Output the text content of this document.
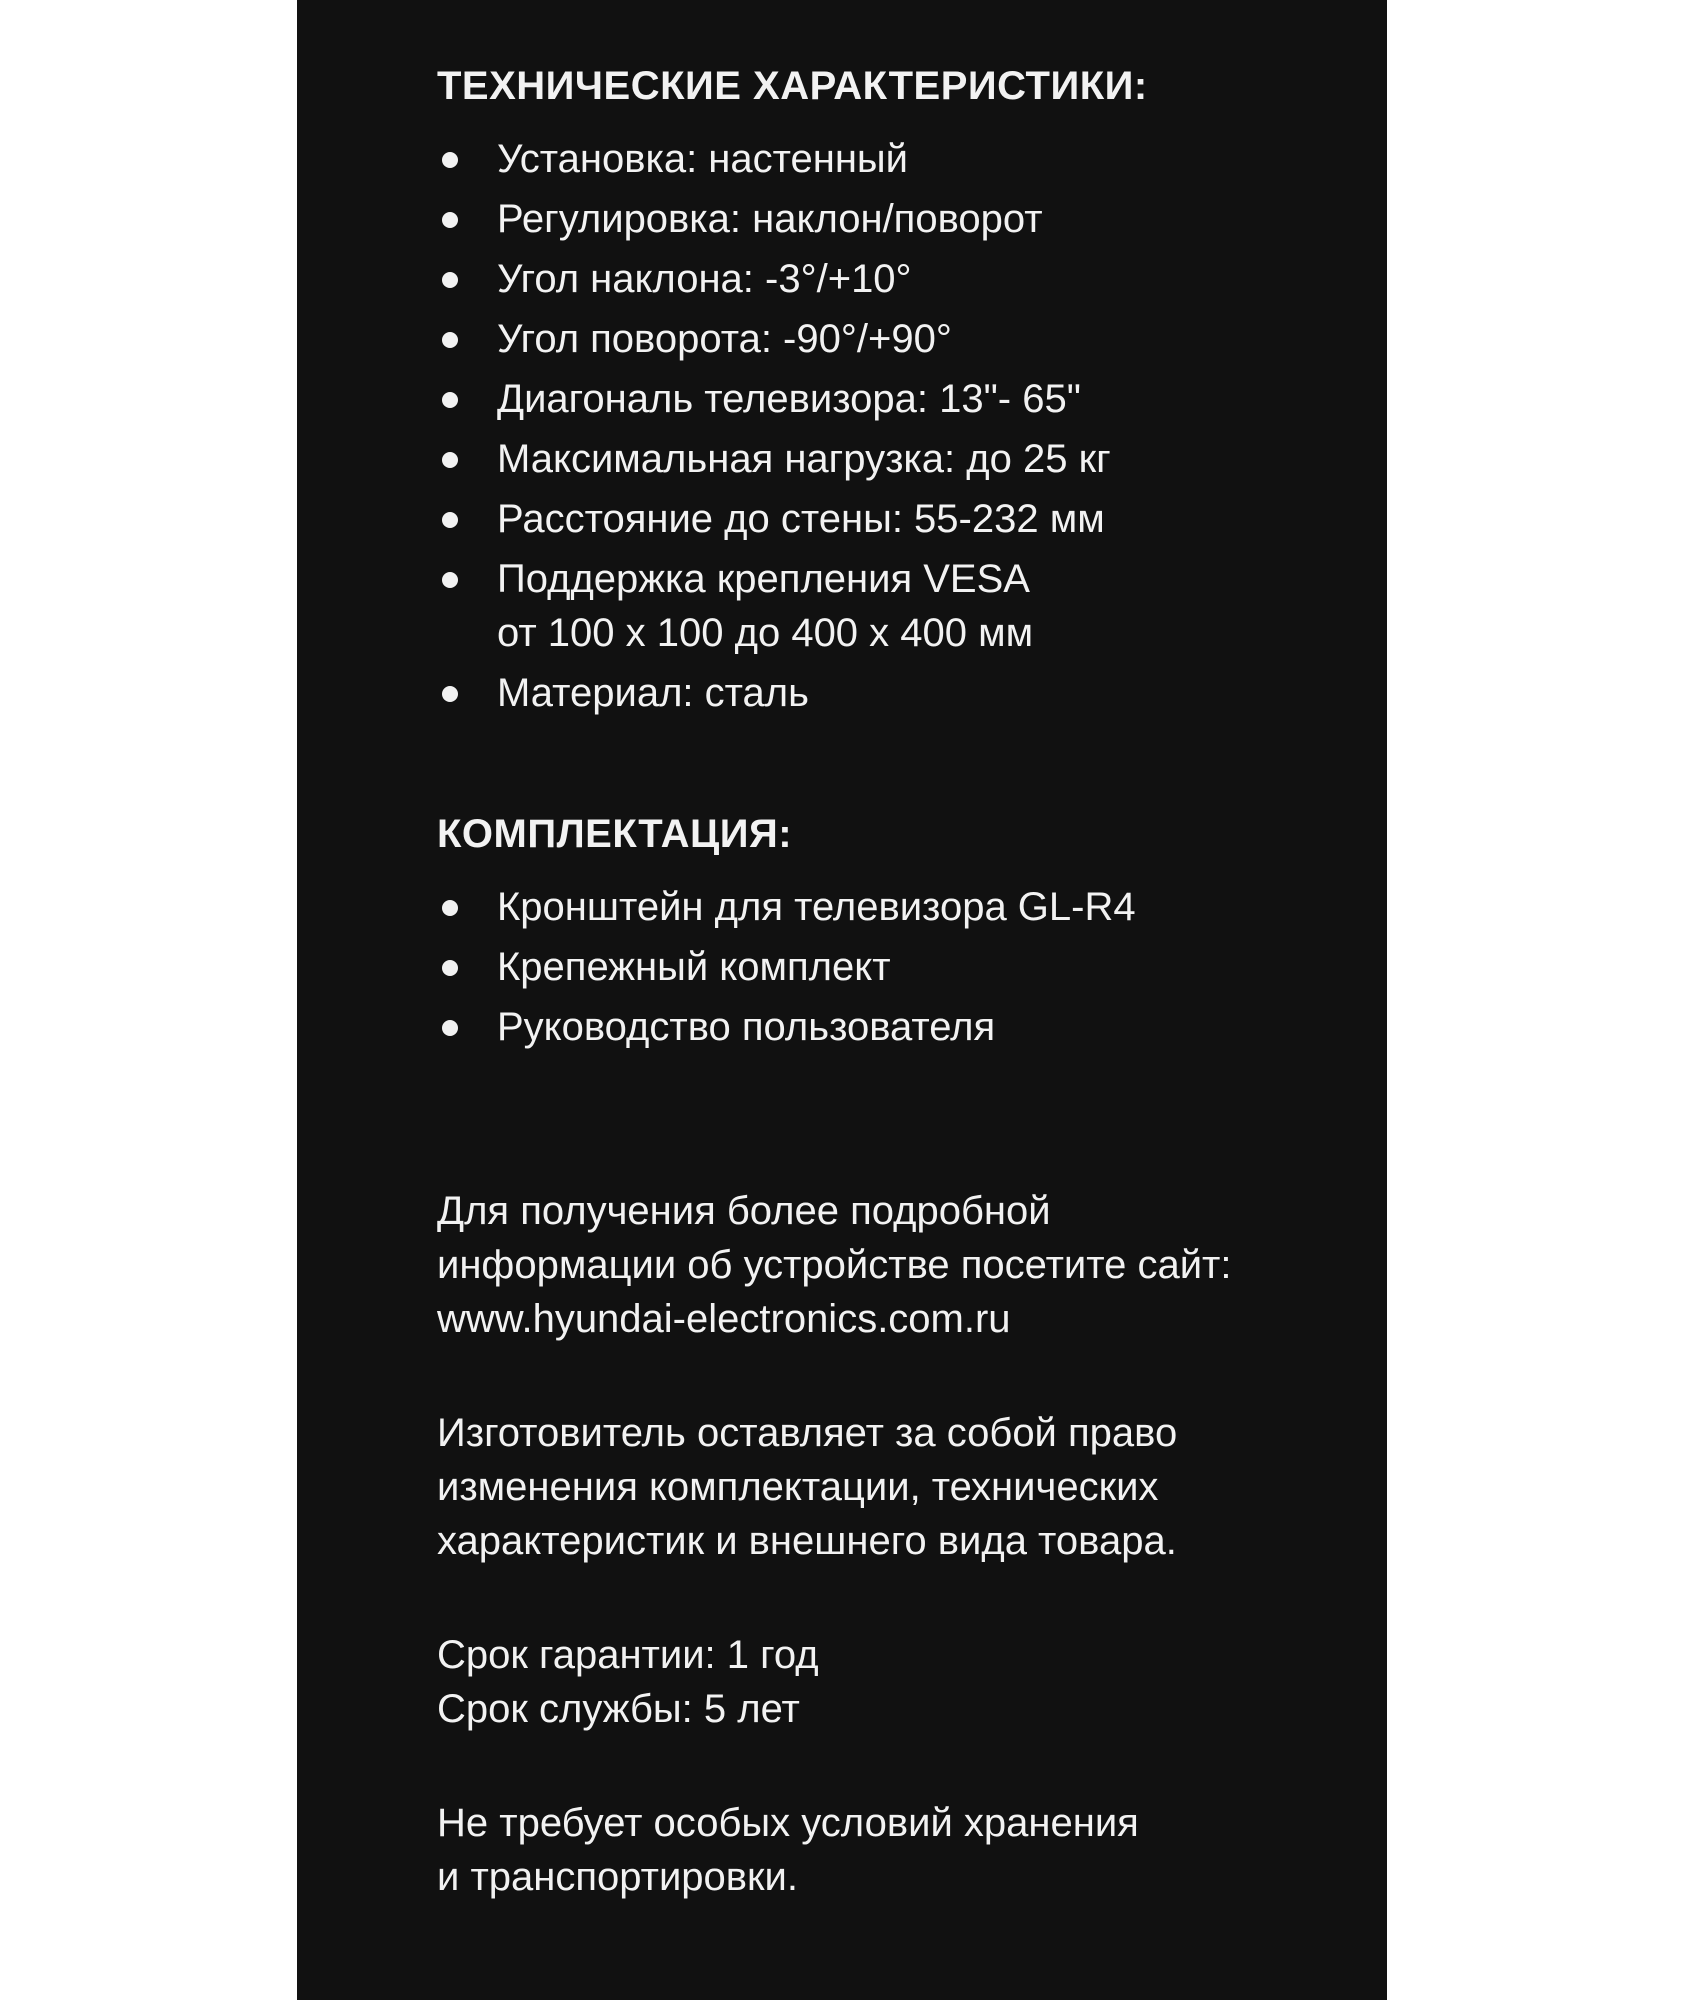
ТЕХНИЧЕСКИЕ ХАРАКТЕРИСТИКИ:
Установка: настенный
Регулировка: наклон/поворот
Угол наклона: -3°/+10°
Угол поворота: -90°/+90°
Диагональ телевизора: 13"- 65"
Максимальная нагрузка: до 25 кг
Расстояние до стены: 55-232 мм
Поддержка крепления VESA
от 100 х 100 до 400 х 400 мм
Материал: сталь
КОМПЛЕКТАЦИЯ:
Кронштейн для телевизора GL-R4
Крепежный комплект
Руководство пользователя

Для получения более подробной
информации об устройстве посетите сайт:
www.hyundai-electronics.com.ru

Изготовитель оставляет за собой право
изменения комплектации, технических
характеристик и внешнего вида товара.

Срок гарантии: 1 год
Срок службы: 5 лет

Не требует особых условий хранения
и транспортировки.
